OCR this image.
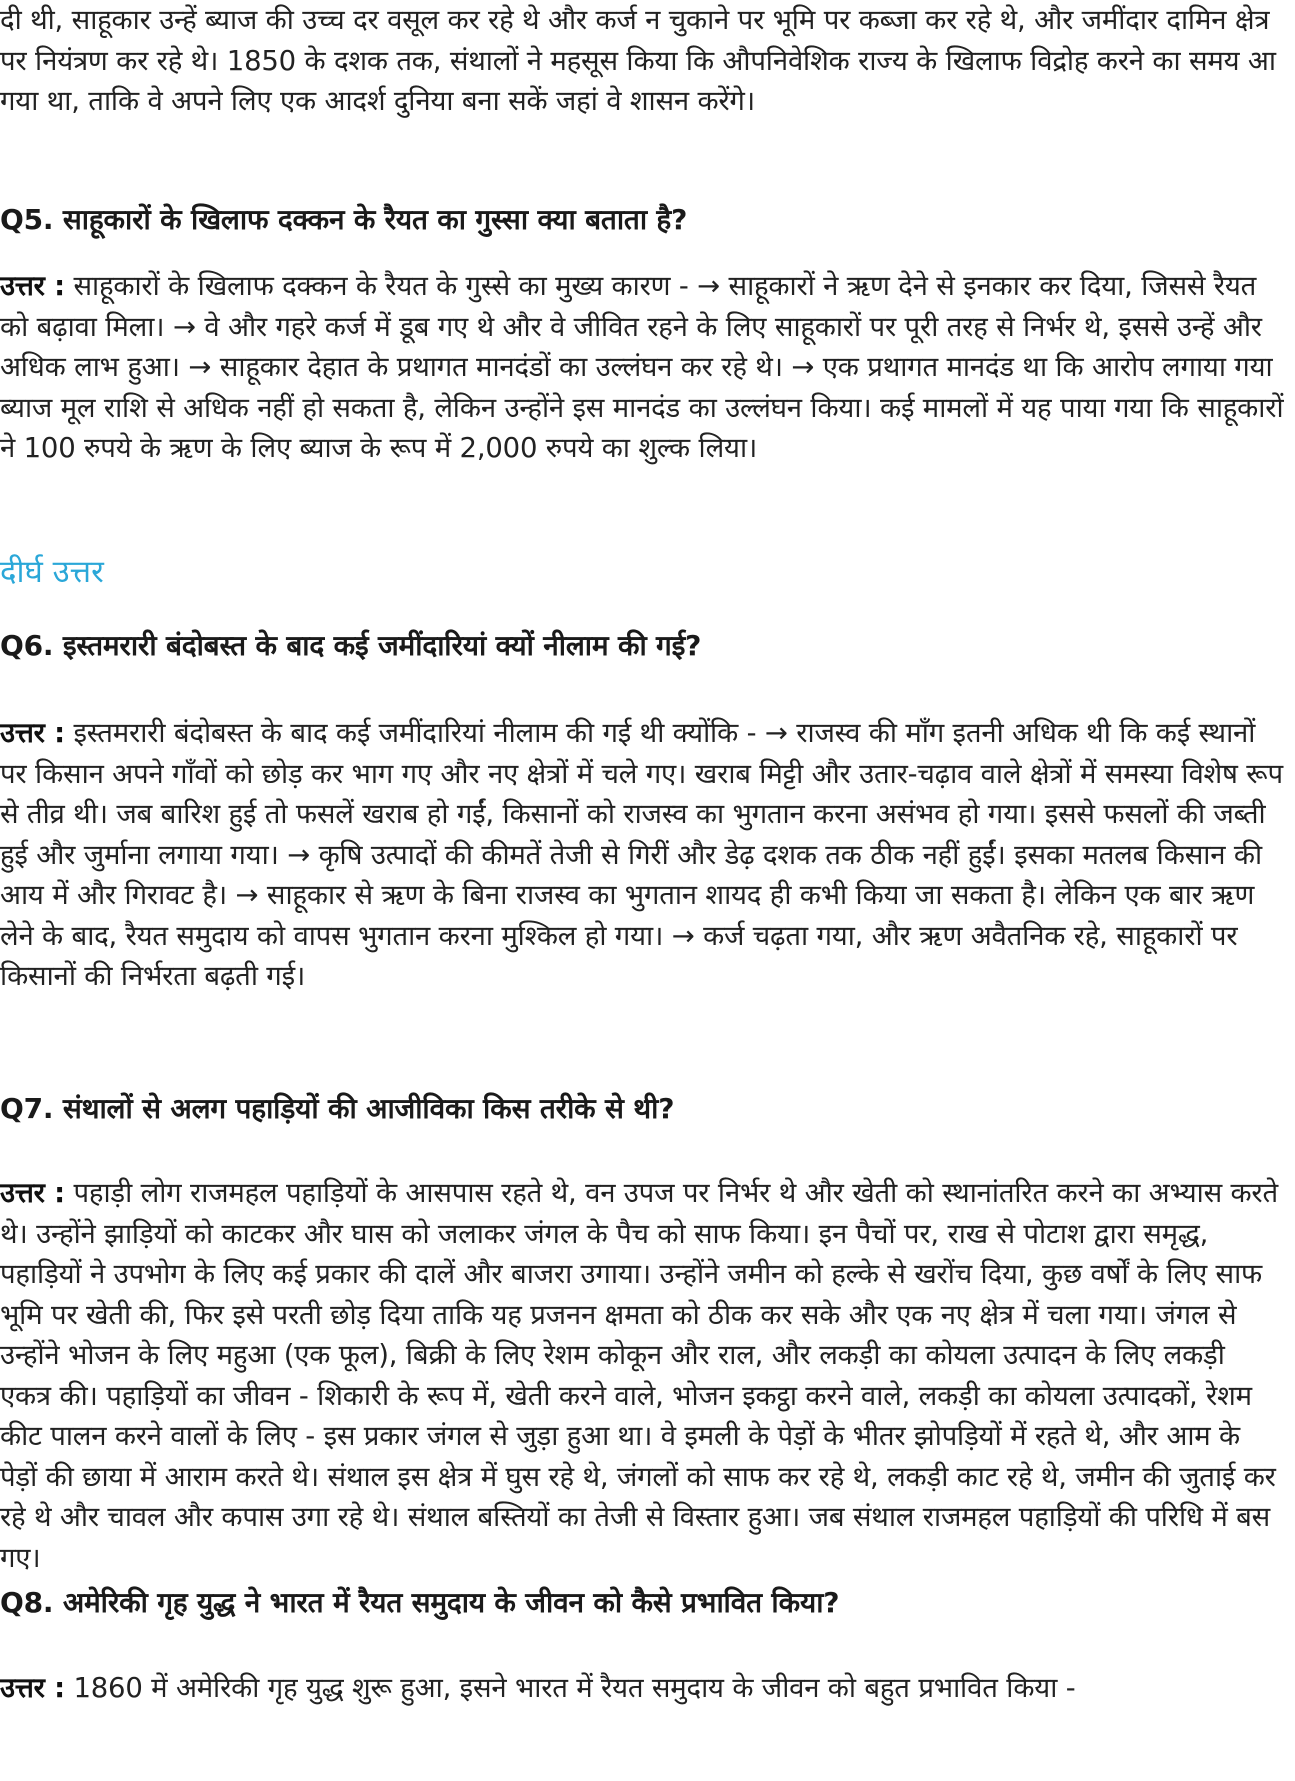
दी थी, साहूकार उन्हें ब्याज की उच्च दर वसूल कर रहे थे और कर्ज न चुकाने पर भूमि पर कब्जा कर रहे थे, और जमींदार दामिन क्षेत्र पर नियंत्रण कर रहे थे। 1850 के दशक तक, संथालों ने महसूस किया कि औपनिवेशिक राज्य के खिलाफ विद्रोह करने का समय आ गया था, ताकि वे अपने लिए एक आदर्श दुनिया बना सकें जहां वे शासन करेंगे।

Q5. साहूकारों के खिलाफ दक्कन के रैयत का गुस्सा क्या बताता है?

उत्तर : साहूकारों के खिलाफ दक्कन के रैयत के गुस्से का मुख्य कारण - → साहूकारों ने ऋण देने से इनकार कर दिया, जिससे रैयत को बढ़ावा मिला। → वे और गहरे कर्ज में डूब गए थे और वे जीवित रहने के लिए साहूकारों पर पूरी तरह से निर्भर थे, इससे उन्हें और अधिक लाभ हुआ। → साहूकार देहात के प्रथागत मानदंडों का उल्लंघन कर रहे थे। → एक प्रथागत मानदंड था कि आरोप लगाया गया ब्याज मूल राशि से अधिक नहीं हो सकता है, लेकिन उन्होंने इस मानदंड का उल्लंघन किया। कई मामलों में यह पाया गया कि साहूकारों ने 100 रुपये के ऋण के लिए ब्याज के रूप में 2,000 रुपये का शुल्क लिया।

दीर्घ उत्तर
Q6. इस्तमरारी बंदोबस्त के बाद कई जमींदारियां क्यों नीलाम की गई?

उत्तर : इस्तमरारी बंदोबस्त के बाद कई जमींदारियां नीलाम की गई थी क्योंकि - → राजस्व की माँग इतनी अधिक थी कि कई स्थानों पर किसान अपने गाँवों को छोड़ कर भाग गए और नए क्षेत्रों में चले गए। खराब मिट्टी और उतार-चढ़ाव वाले क्षेत्रों में समस्या विशेष रूप से तीव्र थी। जब बारिश हुई तो फसलें खराब हो गईं, किसानों को राजस्व का भुगतान करना असंभव हो गया। इससे फसलों की जब्ती हुई और जुर्माना लगाया गया। → कृषि उत्पादों की कीमतें तेजी से गिरीं और डेढ़ दशक तक ठीक नहीं हुईं। इसका मतलब किसान की आय में और गिरावट है। → साहूकार से ऋण के बिना राजस्व का भुगतान शायद ही कभी किया जा सकता है। लेकिन एक बार ऋण लेने के बाद, रैयत समुदाय को वापस भुगतान करना मुश्किल हो गया। → कर्ज चढ़ता गया, और ऋण अवैतनिक रहे, साहूकारों पर किसानों की निर्भरता बढ़ती गई।

Q7. संथालों से अलग पहाड़ियों की आजीविका किस तरीके से थी?

उत्तर : पहाड़ी लोग राजमहल पहाड़ियों के आसपास रहते थे, वन उपज पर निर्भर थे और खेती को स्थानांतरित करने का अभ्यास करते थे। उन्होंने झाड़ियों को काटकर और घास को जलाकर जंगल के पैच को साफ किया। इन पैचों पर, राख से पोटाश द्वारा समृद्ध, पहाड़ियों ने उपभोग के लिए कई प्रकार की दालें और बाजरा उगाया। उन्होंने जमीन को हल्के से खरोंच दिया, कुछ वर्षों के लिए साफ भूमि पर खेती की, फिर इसे परती छोड़ दिया ताकि यह प्रजनन क्षमता को ठीक कर सके और एक नए क्षेत्र में चला गया। जंगल से उन्होंने भोजन के लिए महुआ (एक फूल), बिक्री के लिए रेशम कोकून और राल, और लकड़ी का कोयला उत्पादन के लिए लकड़ी एकत्र की। पहाड़ियों का जीवन - शिकारी के रूप में, खेती करने वाले, भोजन इकट्ठा करने वाले, लकड़ी का कोयला उत्पादकों, रेशम कीट पालन करने वालों के लिए - इस प्रकार जंगल से जुड़ा हुआ था। वे इमली के पेड़ों के भीतर झोपड़ियों में रहते थे, और आम के पेड़ों की छाया में आराम करते थे। संथाल इस क्षेत्र में घुस रहे थे, जंगलों को साफ कर रहे थे, लकड़ी काट रहे थे, जमीन की जुताई कर रहे थे और चावल और कपास उगा रहे थे। संथाल बस्तियों का तेजी से विस्तार हुआ। जब संथाल राजमहल पहाड़ियों की परिधि में बस गए।

Q8. अमेरिकी गृह युद्ध ने भारत में रैयत समुदाय के जीवन को कैसे प्रभावित किया?

उत्तर : 1860 में अमेरिकी गृह युद्ध शुरू हुआ, इसने भारत में रैयत समुदाय के जीवन को बहुत प्रभावित किया -
